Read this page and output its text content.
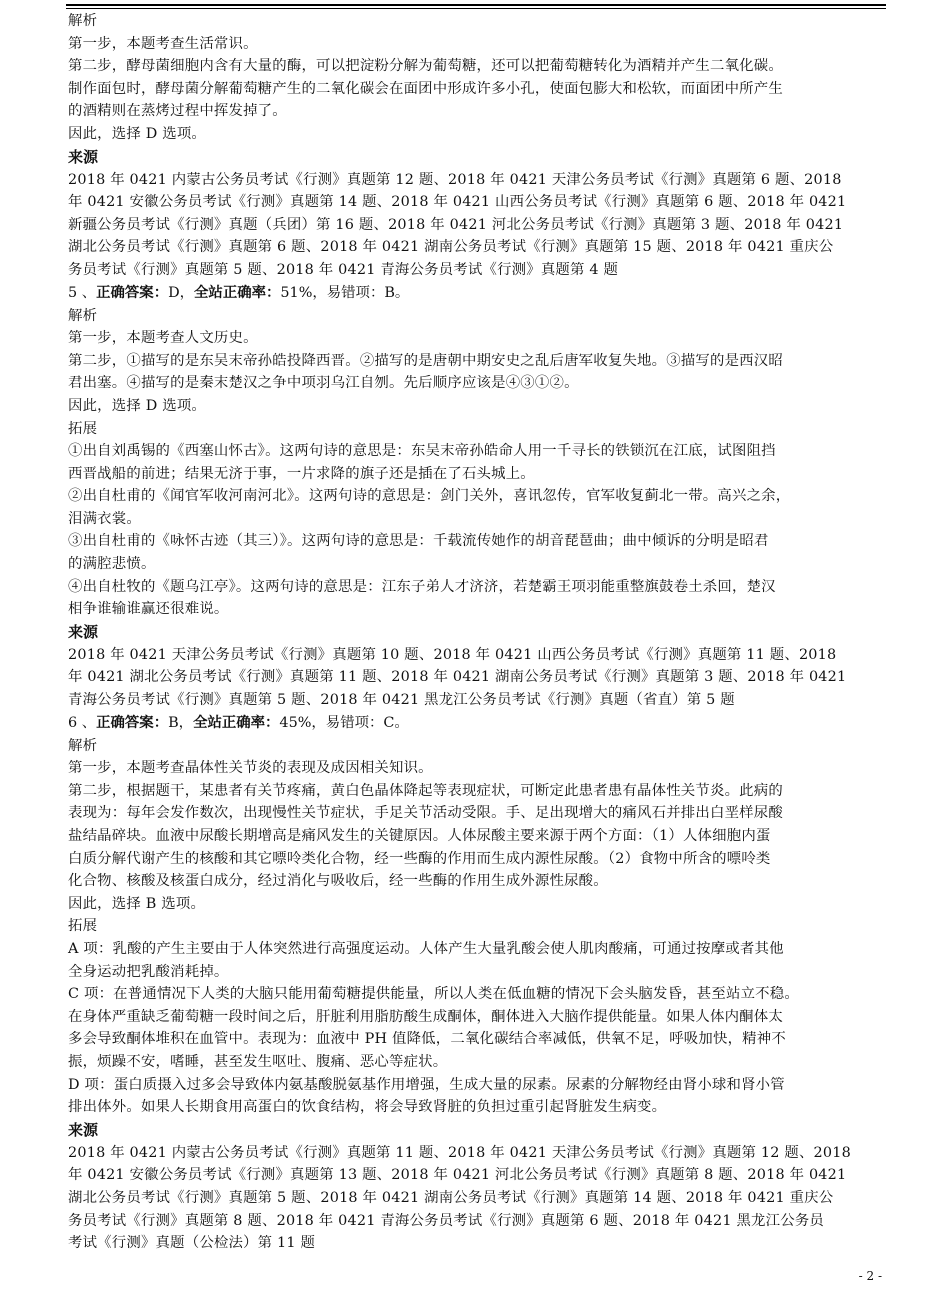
解析
第一步，本题考查生活常识。
第二步，酵母菌细胞内含有大量的酶，可以把淀粉分解为葡萄糖，还可以把葡萄糖转化为酒精并产生二氧化碳。
制作面包时，酵母菌分解葡萄糖产生的二氧化碳会在面团中形成许多小孔，使面包膨大和松软，而面团中所产生
的酒精则在蒸烤过程中挥发掉了。
因此，选择 D 选项。
来源
2018 年 0421 内蒙古公务员考试《行测》真题第 12 题、2018 年 0421 天津公务员考试《行测》真题第 6 题、2018
年 0421 安徽公务员考试《行测》真题第 14 题、2018 年 0421 山西公务员考试《行测》真题第 6 题、2018 年 0421
新疆公务员考试《行测》真题（兵团）第 16 题、2018 年 0421 河北公务员考试《行测》真题第 3 题、2018 年 0421
湖北公务员考试《行测》真题第 6 题、2018 年 0421 湖南公务员考试《行测》真题第 15 题、2018 年 0421 重庆公
务员考试《行测》真题第 5 题、2018 年 0421 青海公务员考试《行测》真题第 4 题
5 、正确答案：D，全站正确率：51%，易错项：B。
解析
第一步，本题考查人文历史。
第二步，①描写的是东吴末帝孙皓投降西晋。②描写的是唐朝中期安史之乱后唐军收复失地。③描写的是西汉昭
君出塞。④描写的是秦末楚汉之争中项羽乌江自刎。先后顺序应该是④③①②。
因此，选择 D 选项。
拓展
①出自刘禹锡的《西塞山怀古》。这两句诗的意思是：东吴末帝孙皓命人用一千寻长的铁锁沉在江底，试图阻挡
西晋战船的前进；结果无济于事，一片求降的旗子还是插在了石头城上。
②出自杜甫的《闻官军收河南河北》。这两句诗的意思是：剑门关外，喜讯忽传，官军收复蓟北一带。高兴之余，
泪满衣裳。
③出自杜甫的《咏怀古迹（其三）》。这两句诗的意思是：千载流传她作的胡音琵琶曲；曲中倾诉的分明是昭君
的满腔悲愤。
④出自杜牧的《题乌江亭》。这两句诗的意思是：江东子弟人才济济，若楚霸王项羽能重整旗鼓卷土杀回，楚汉
相争谁输谁赢还很难说。
来源
2018 年 0421 天津公务员考试《行测》真题第 10 题、2018 年 0421 山西公务员考试《行测》真题第 11 题、2018
年 0421 湖北公务员考试《行测》真题第 11 题、2018 年 0421 湖南公务员考试《行测》真题第 3 题、2018 年 0421
青海公务员考试《行测》真题第 5 题、2018 年 0421 黑龙江公务员考试《行测》真题（省直）第 5 题
6 、正确答案：B，全站正确率：45%，易错项：C。
解析
第一步，本题考查晶体性关节炎的表现及成因相关知识。
第二步，根据题干，某患者有关节疼痛，黄白色晶体降起等表现症状，可断定此患者患有晶体性关节炎。此病的
表现为：每年会发作数次，出现慢性关节症状，手足关节活动受限。手、足出现增大的痛风石并排出白垩样尿酸
盐结晶碎块。血液中尿酸长期增高是痛风发生的关键原因。人体尿酸主要来源于两个方面：（1）人体细胞内蛋
白质分解代谢产生的核酸和其它嘌呤类化合物，经一些酶的作用而生成内源性尿酸。（2）食物中所含的嘌呤类
化合物、核酸及核蛋白成分，经过消化与吸收后，经一些酶的作用生成外源性尿酸。
因此，选择 B 选项。
拓展
A 项：乳酸的产生主要由于人体突然进行高强度运动。人体产生大量乳酸会使人肌肉酸痛，可通过按摩或者其他
全身运动把乳酸消耗掉。
C 项：在普通情况下人类的大脑只能用葡萄糖提供能量，所以人类在低血糖的情况下会头脑发昏，甚至站立不稳。
在身体严重缺乏葡萄糖一段时间之后，肝脏利用脂肪酸生成酮体，酮体进入大脑作提供能量。如果人体内酮体太
多会导致酮体堆积在血管中。表现为：血液中 PH 值降低，二氧化碳结合率减低，供氧不足，呼吸加快，精神不
振，烦躁不安，嗜睡，甚至发生呕吐、腹痛、恶心等症状。
D 项：蛋白质摄入过多会导致体内氨基酸脱氨基作用增强，生成大量的尿素。尿素的分解物经由肾小球和肾小管
排出体外。如果人长期食用高蛋白的饮食结构，将会导致肾脏的负担过重引起肾脏发生病变。
来源
2018 年 0421 内蒙古公务员考试《行测》真题第 11 题、2018 年 0421 天津公务员考试《行测》真题第 12 题、2018
年 0421 安徽公务员考试《行测》真题第 13 题、2018 年 0421 河北公务员考试《行测》真题第 8 题、2018 年 0421
湖北公务员考试《行测》真题第 5 题、2018 年 0421 湖南公务员考试《行测》真题第 14 题、2018 年 0421 重庆公
务员考试《行测》真题第 8 题、2018 年 0421 青海公务员考试《行测》真题第 6 题、2018 年 0421 黑龙江公务员
考试《行测》真题（公检法）第 11 题
- 2 -
